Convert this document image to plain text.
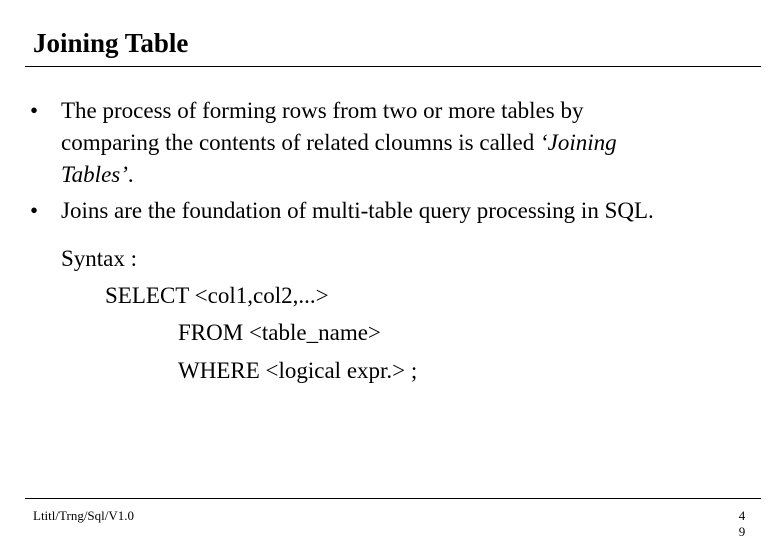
Joining Table
• The process of forming rows from two or more tables by
comparing the contents of related cloumns is called ‘Joining
Tables’.
• Joins are the foundation of multi-table query processing in SQL.
Syntax :
SELECT <col1,col2,...>
FROM <table_name>
WHERE <logical expr.> ;
Ltitl/Trng/Sql/V1.0	4
9
